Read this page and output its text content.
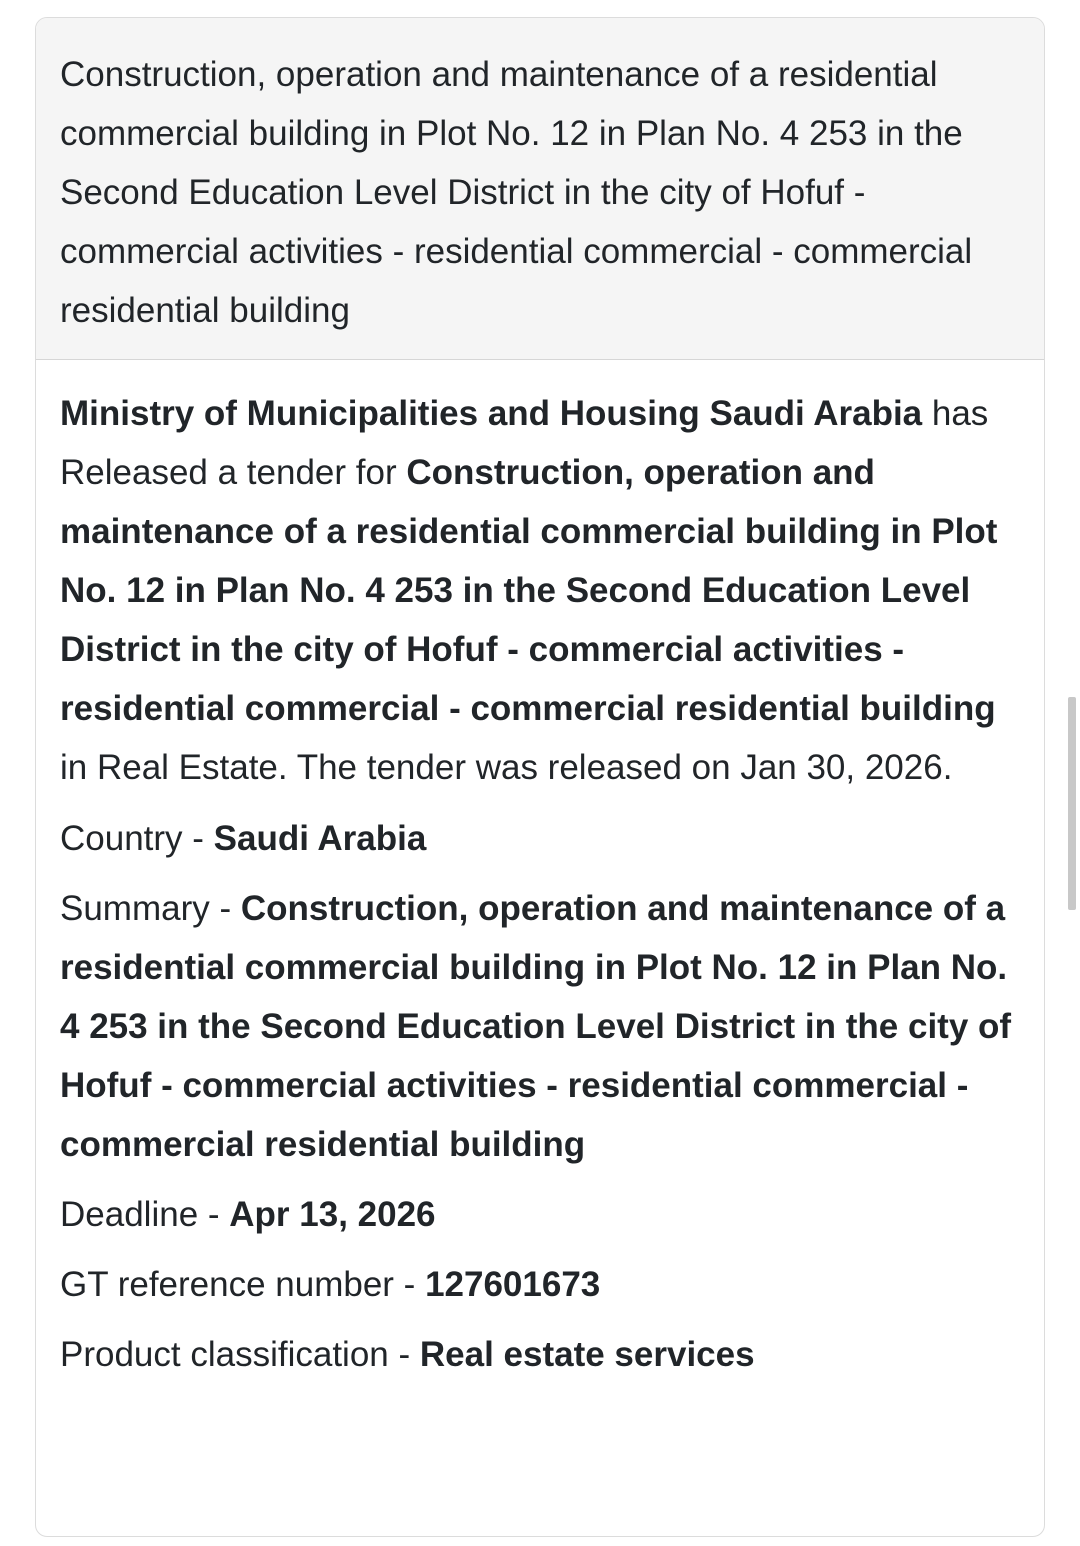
Construction, operation and maintenance of a residential commercial building in Plot No. 12 in Plan No. 4 253 in the Second Education Level District in the city of Hofuf - commercial activities - residential commercial - commercial residential building

Ministry of Municipalities and Housing Saudi Arabia has Released a tender for Construction, operation and maintenance of a residential commercial building in Plot No. 12 in Plan No. 4 253 in the Second Education Level District in the city of Hofuf - commercial activities - residential commercial - commercial residential building in Real Estate. The tender was released on Jan 30, 2026.

Country - Saudi Arabia

Summary - Construction, operation and maintenance of a residential commercial building in Plot No. 12 in Plan No. 4 253 in the Second Education Level District in the city of Hofuf - commercial activities - residential commercial - commercial residential building

Deadline - Apr 13, 2026

GT reference number - 127601673

Product classification - Real estate services
